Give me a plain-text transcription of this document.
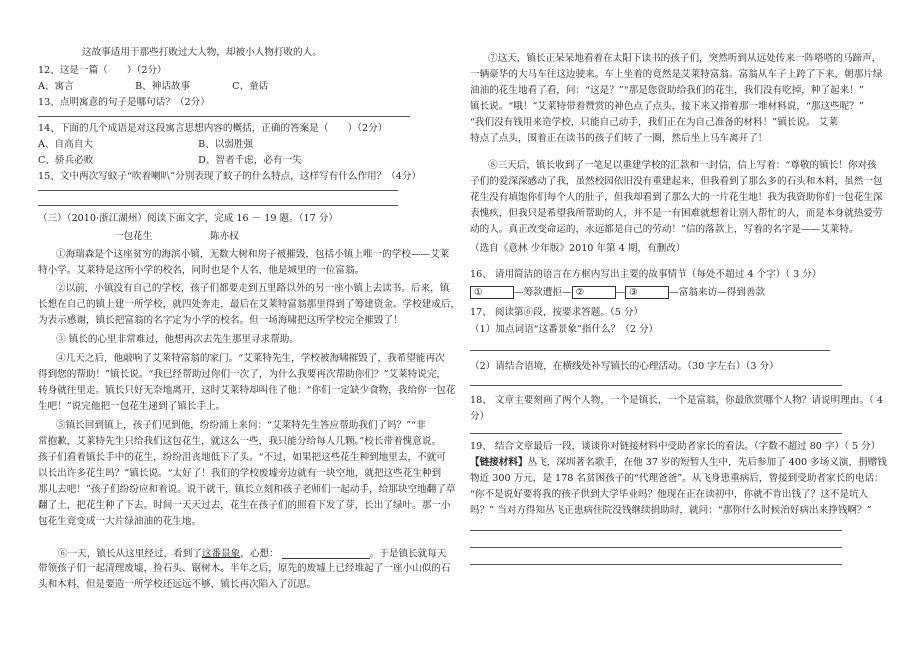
这故事适用于那些打败过大人物，却被小人物打败的人。
12、这是一篇（　　）（2分）
A、寓言	B、神话故事	C、童话
13、点明寓意的句子是哪句话？（2分）
14、下面的几个成语是对这段寓言思想内容的概括，正确的答案是（　　）（2分）
A、自高自大	B、以弱胜强
C、骄兵必败	D、智者千虑，必有一失
15、文中两次写蚊子“吹着喇叭”分别表现了蚊子的什么特点，这样写有什么作用？（4分）
（三）（2010·浙江湖州）阅读下面文字，完成 16 － 19 题。（17 分）
一包花生	陈亦权
①海瑞森是个这座贫穷的海滨小镇，无数大树和房子被摧毁，包括小镇上唯一的学校——艾莱
特小学。艾莱特是这所小学的校名，同时也是个人名，他是城里的一位富翁。
②以前，小镇没有自己的学校，孩子们都要走到五里路以外的另一座小镇上去读书。后来，镇
长想在自己的镇上建一所学校，就四处奔走，最后在艾莱特富翁那里得到了筹建资金。学校建成后，
为表示感谢，镇长把富翁的名字定为小学的校名。但一场海啸把这所学校完全摧毁了！
③ 镇长的心里非常难过，他想再次去先生那里寻求帮助。
④几天之后，他敲响了艾莱特富翁的家门。“艾莱特先生，学校被海啸摧毁了，我希望能再次
得到您的帮助！”镇长说。“我已经帮助过你们一次了，为什么我要再次帮助你们？”艾莱特说完，
转身就往里走。镇长只好无奈地离开，这时艾莱特却叫住了他：“你们一定缺少食物，我给你一包花
生吧！”说完他把一包花生递到了镇长手上。
⑤镇长回到镇上，孩子们见到他，纷纷涌上来问：“艾莱特先生答应帮助我们了吗？”“非
常抱歉，艾莱特先生只给我们这包花生，就这么一些，我只能分给每人几颗。”校长带着愧意说。
孩子们看着镇长手中的花生，纷纷沮丧地低下了头。“不过，如果把这些花生种到地里去，不就可
以长出许多花生吗？”镇长说。“太好了！我们的学校废墟旁边就有一块空地，就把这些花生种到
那儿去吧！”孩子们纷纷应和着说。说干就干，镇长立刻和孩子老师们一起动手，给那块空地翻了草
翻了土，把花生种了下去。时间一天天过去，花生在孩子们的照看下发了芽，长出了绿叶。那一小
包花生竟变成一大片绿油油的花生地。
⑥一天，镇长从这里经过，看到了这番景象，心想：	。于是镇长就每天
带领孩子们一起清理废墟，捡石头、锯树木。半年之后，原先的废墟上已经堆起了一座小山似的石
头和木料，但是要造一所学校还远远不够，镇长再次陷入了沉思。
⑦这天，镇长正呆呆地看着在太阳下读书的孩子们，突然听到从远处传来一阵嗒嗒的马蹄声，
一辆豪华的大马车往这边驶来。车上坐着的竟然是艾莱特富翁。富翁从车子上跨了下来，朝那片绿
油油的花生地看了看，问：“这是？”“那是您资助给我们的花生，我们没有吃掉，种了起来！”
镇长说。“哦！”艾莱特带着赞赏的神色点了点头，接下来又指着那一堆材料说，“那这些呢？”
“我们没有钱用来造学校，只能自己动手，我们正在为自己准备的材料！”镇长说。 艾莱
特点了点头，围着正在读书的孩子们转了一圈，然后坐上马车离开了！
⑧三天后，镇长收到了一笔足以重建学校的汇款和一封信，信上写着：“尊敬的镇长！你对孩
子们的爱深深感动了我，虽然校园依旧没有重建起来，但我看到了那么多的石头和木料，虽然一包
花生没有填饱你们每个人的肚子，但我却看到了那么大的一片花生地！我为我资助你们一包花生深
表愧疚，但我只是希望我所帮助的人，并不是一有困难就想着让别人帮忙的人，而是本身就热爱劳
动的人。真正改变命运的，永远都是自己的劳动！”信的落款上，写着的名字是——艾莱特。
（选自《意林 少年版》2010 年第 4 期，有删改）
16、 请用简洁的语言在方框内写出主要的故事情节（每处不超过 4 个字）（ 3 分）
①	—筹款遭拒— ②	— ③	—富翁来访—得到善款
17、 阅读第⑥段，按要求答题。（5 分）
（1）加点词语“这番景象”指什么？（2 分）
（2）请结合语境，在横线处补写镇长的心理活动。（30 字左右）（3 分）
18、 文章主要刻画了两个人物，一个是镇长，一个是富翁，你最欣赏哪个人物？请说明理由。（ 4
分）
19、 结合文章最后一段，谈谈你对链接材料中受助者家长的看法。（字数不超过 80 字）（ 5 分）
【链接材料】丛飞，深圳著名歌手，在他 37 岁的短暂人生中，先后参加了 400 多场义演，捐赠钱
物近 300 万元，是 178 名贫困孩子的“代理爸爸”。从飞身患重病后，曾接到受助者家长的电话：
“你不是说好要将我的孩子供到大学毕业吗？他现在正在读初中，你就不肯出钱了？这不是坑人
吗？” 当对方得知丛飞正患病住院没钱继续捐助时，就问：“那你什么时候治好病出来挣钱啊？”
